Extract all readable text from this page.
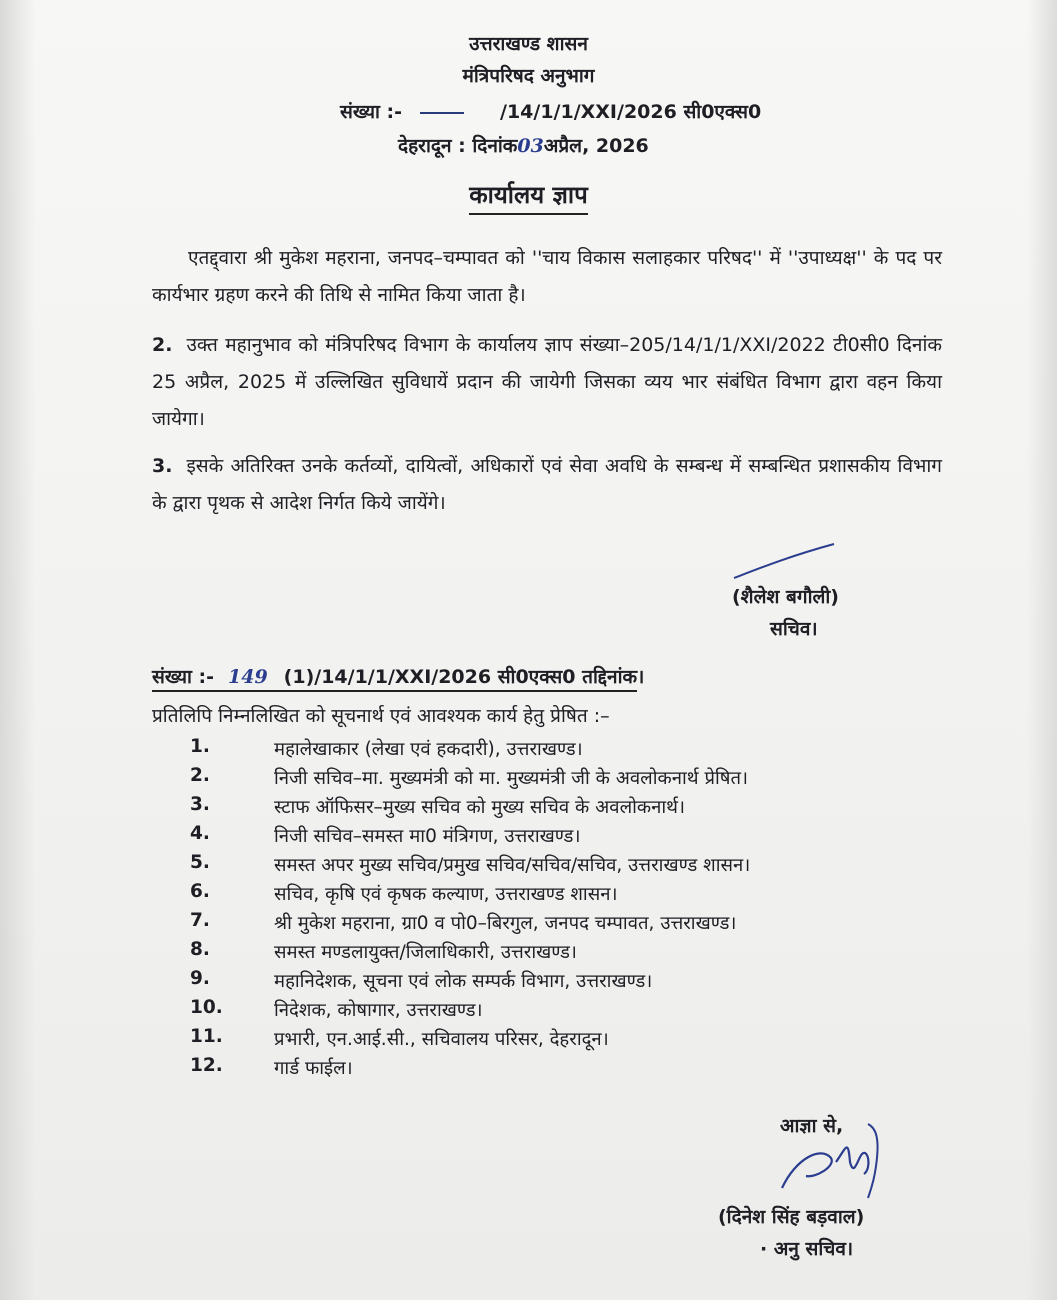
उत्तराखण्ड शासन
मंत्रिपरिषद अनुभाग
संख्या :-	/14/1/1/XXI/2026 सी0एक्स0
देहरादून : दिनांक03अप्रैल, 2026
कार्यालय ज्ञाप
एतद्द्वारा श्री मुकेश महराना, जनपद–चम्पावत को ''चाय विकास सलाहकार परिषद'' में ''उपाध्यक्ष'' के पद पर कार्यभार ग्रहण करने की तिथि से नामित किया जाता है।
2. उक्त महानुभाव को मंत्रिपरिषद विभाग के कार्यालय ज्ञाप संख्या–205/14/1/1/XXI/2022 टी0सी0 दिनांक 25 अप्रैल, 2025 में उल्लिखित सुविधायें प्रदान की जायेगी जिसका व्यय भार संबंधित विभाग द्वारा वहन किया जायेगा।
3. इसके अतिरिक्त उनके कर्तव्यों, दायित्वों, अधिकारों एवं सेवा अवधि के सम्बन्ध में सम्बन्धित प्रशासकीय विभाग के द्वारा पृथक से आदेश निर्गत किये जायेंगे।
(शैलेश बगौली)
सचिव।
संख्या :- 149 (1)/14/1/1/XXI/2026 सी0एक्स0 तद्दिनांक।
प्रतिलिपि निम्नलिखित को सूचनार्थ एवं आवश्यक कार्य हेतु प्रेषित :–
1.	महालेखाकार (लेखा एवं हकदारी), उत्तराखण्ड।
2.	निजी सचिव–मा. मुख्यमंत्री को मा. मुख्यमंत्री जी के अवलोकनार्थ प्रेषित।
3.	स्टाफ ऑफिसर–मुख्य सचिव को मुख्य सचिव के अवलोकनार्थ।
4.	निजी सचिव–समस्त मा0 मंत्रिगण, उत्तराखण्ड।
5.	समस्त अपर मुख्य सचिव/प्रमुख सचिव/सचिव/सचिव, उत्तराखण्ड शासन।
6.	सचिव, कृषि एवं कृषक कल्याण, उत्तराखण्ड शासन।
7.	श्री मुकेश महराना, ग्रा0 व पो0–बिरगुल, जनपद चम्पावत, उत्तराखण्ड।
8.	समस्त मण्डलायुक्त/जिलाधिकारी, उत्तराखण्ड।
9.	महानिदेशक, सूचना एवं लोक सम्पर्क विभाग, उत्तराखण्ड।
10.	निदेशक, कोषागार, उत्तराखण्ड।
11.	प्रभारी, एन.आई.सी., सचिवालय परिसर, देहरादून।
12.	गार्ड फाईल।
आज्ञा से,
(दिनेश सिंह बड़वाल)
· अनु सचिव।
